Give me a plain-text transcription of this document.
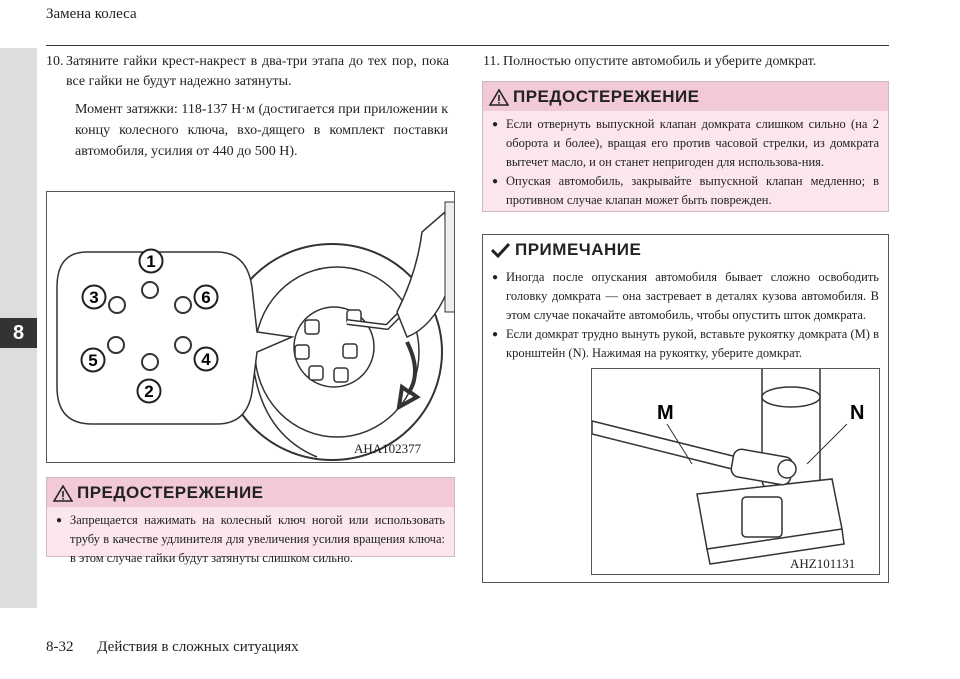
8
Замена колеса
10. Затяните гайки крест-накрест в два-три этапа до тех пор, пока все гайки не будут надежно затянуты.
Момент затяжки: 118-137 Н·м (достигается при приложении к концу колесного ключа, вхо-дящего в комплект поставки автомобиля, усилия от 440 до 500 Н).
1
2
3
4
5
6
AHA102377
ПРЕДОСТЕРЕЖЕНИЕ
● Запрещается нажимать на колесный ключ ногой или использовать трубу в качестве удлинителя для увеличения усилия вращения ключа: в этом случае гайки будут затянуты слишком сильно.
11. Полностью опустите автомобиль и уберите домкрат.
ПРЕДОСТЕРЕЖЕНИЕ
● Если отвернуть выпускной клапан домкрата слишком сильно (на 2 оборота и более), вращая его против часовой стрелки, из домкрата вытечет масло, и он станет непригоден для использова-ния.
● Опуская автомобиль, закрывайте выпускной клапан медленно; в противном случае клапан может быть поврежден.
ПРИМЕЧАНИЕ
● Иногда после опускания автомобиля бывает сложно освободить головку домкрата — она застревает в деталях кузова автомобиля. В этом случае покачайте автомобиль, чтобы опустить шток домкрата.
● Если домкрат трудно вынуть рукой, вставьте рукоятку домкрата (M) в кронштейн (N). Нажимая на рукоятку, уберите домкрат.
M	N
AHZ101131
8-32 Действия в сложных ситуациях
